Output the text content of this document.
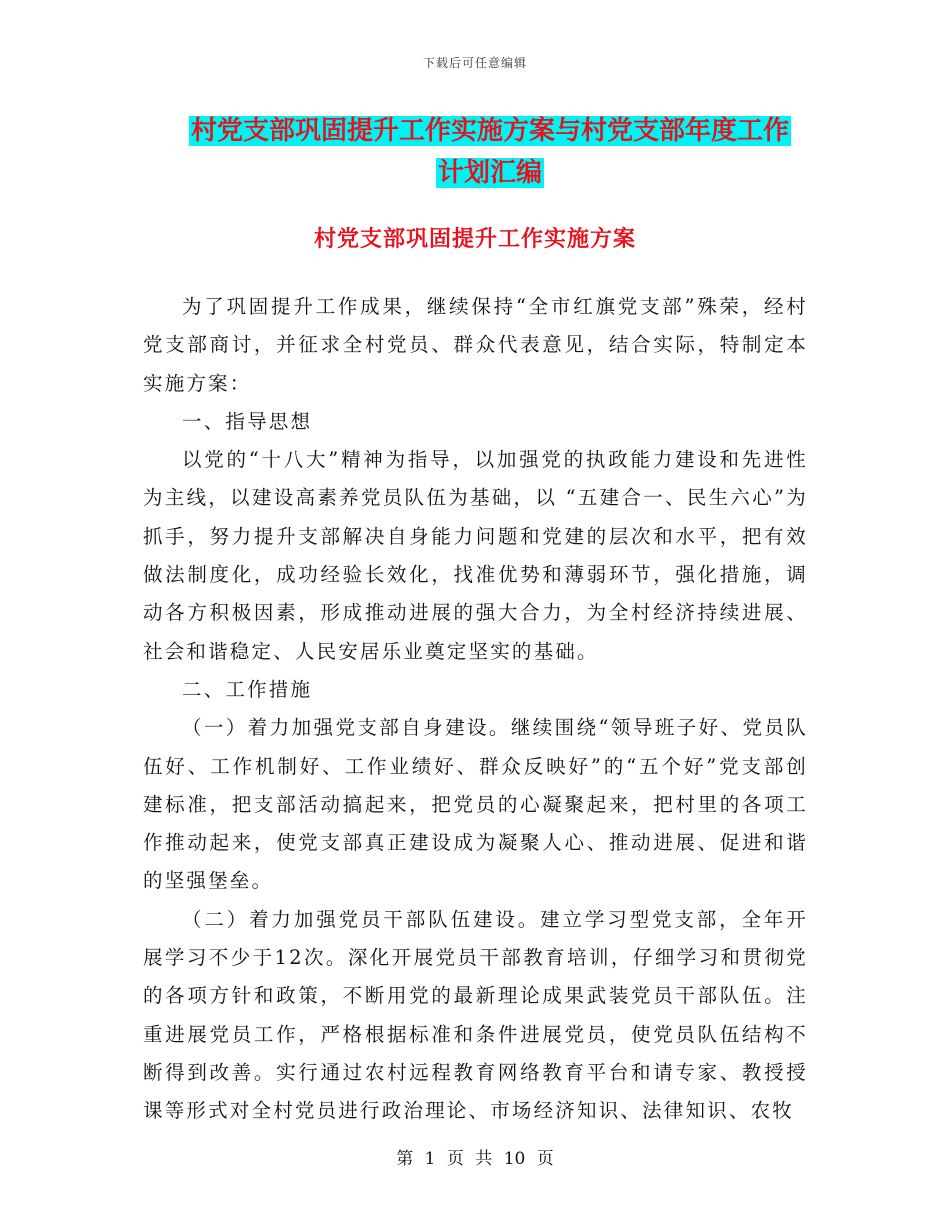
下载后可任意编辑
村党支部巩固提升工作实施方案与村党支部年度工作
计划汇编
村党支部巩固提升工作实施方案

为了巩固提升工作成果，继续保持“全市红旗党支部”殊荣，经村党支部商讨，并征求全村党员、群众代表意见，结合实际，特制定本实施方案：

一、指导思想

以党的“十八大”精神为指导，以加强党的执政能力建设和先进性为主线，以建设高素养党员队伍为基础，以 “五建合一、民生六心”为抓手，努力提升支部解决自身能力问题和党建的层次和水平，把有效做法制度化，成功经验长效化，找准优势和薄弱环节，强化措施，调动各方积极因素，形成推动进展的强大合力，为全村经济持续进展、社会和谐稳定、人民安居乐业奠定坚实的基础。

二、工作措施

（一）着力加强党支部自身建设。继续围绕“领导班子好、党员队伍好、工作机制好、工作业绩好、群众反映好”的“五个好”党支部创建标准，把支部活动搞起来，把党员的心凝聚起来，把村里的各项工作推动起来，使党支部真正建设成为凝聚人心、推动进展、促进和谐的坚强堡垒。

（二）着力加强党员干部队伍建设。建立学习型党支部，全年开展学习不少于12次。深化开展党员干部教育培训，仔细学习和贯彻党的各项方针和政策，不断用党的最新理论成果武装党员干部队伍。注重进展党员工作，严格根据标准和条件进展党员，使党员队伍结构不断得到改善。实行通过农村远程教育网络教育平台和请专家、教授授课等形式对全村党员进行政治理论、市场经济知识、法律知识、农牧

第 1 页 共 10 页
